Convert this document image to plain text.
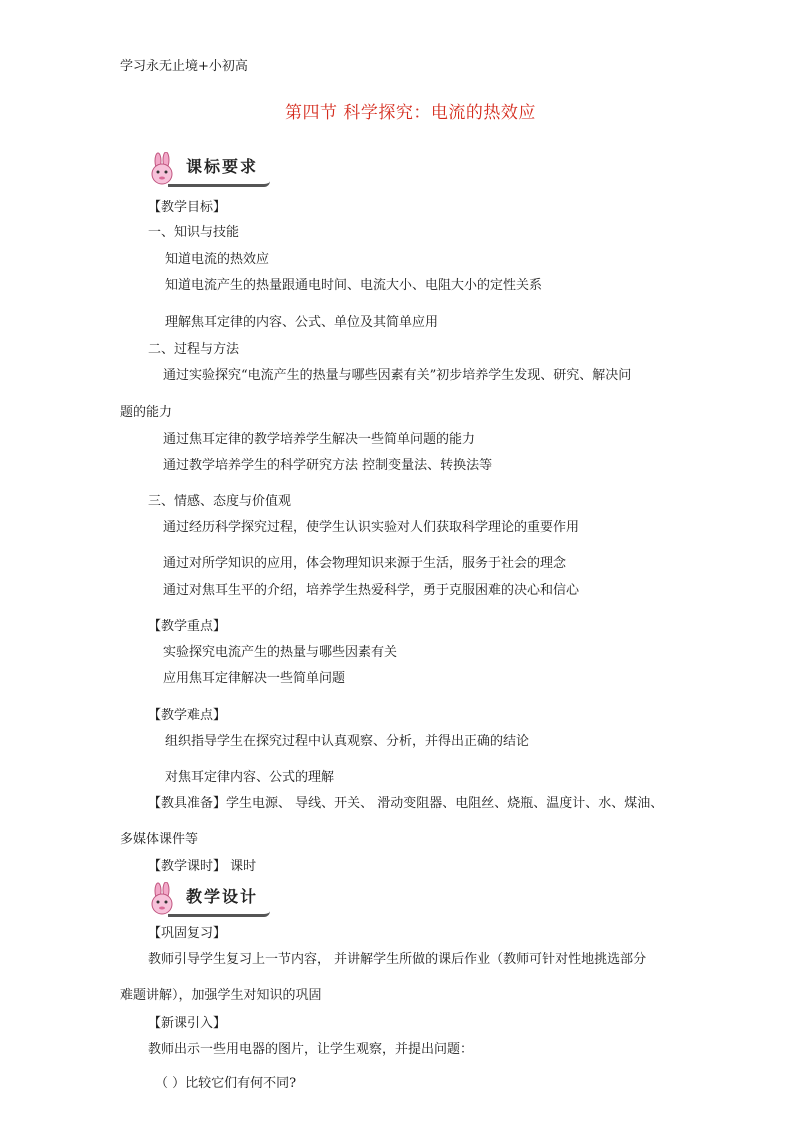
学习永无止境+小初高
第四节 科学探究：电流的热效应
课标要求
【教学目标】
一、知识与技能
知道电流的热效应
知道电流产生的热量跟通电时间、电流大小、电阻大小的定性关系
理解焦耳定律的内容、公式、单位及其简单应用
二、过程与方法
通过实验探究“电流产生的热量与哪些因素有关”初步培养学生发现、研究、解决问
题的能力
通过焦耳定律的教学培养学生解决一些简单问题的能力
通过教学培养学生的科学研究方法 控制变量法、转换法等
三、情感、态度与价值观
通过经历科学探究过程，使学生认识实验对人们获取科学理论的重要作用
通过对所学知识的应用，体会物理知识来源于生活，服务于社会的理念
通过对焦耳生平的介绍，培养学生热爱科学，勇于克服困难的决心和信心
【教学重点】
实验探究电流产生的热量与哪些因素有关
应用焦耳定律解决一些简单问题
【教学难点】
组织指导学生在探究过程中认真观察、分析，并得出正确的结论
对焦耳定律内容、公式的理解
【教具准备】学生电源、 导线、开关、 滑动变阻器、电阻丝、烧瓶、温度计、水、煤油、
多媒体课件等
【教学课时】 课时
教学设计
【巩固复习】
教师引导学生复习上一节内容， 并讲解学生所做的课后作业（教师可针对性地挑选部分
难题讲解），加强学生对知识的巩固
【新课引入】
教师出示一些用电器的图片，让学生观察，并提出问题：
（ ）比较它们有何不同?
